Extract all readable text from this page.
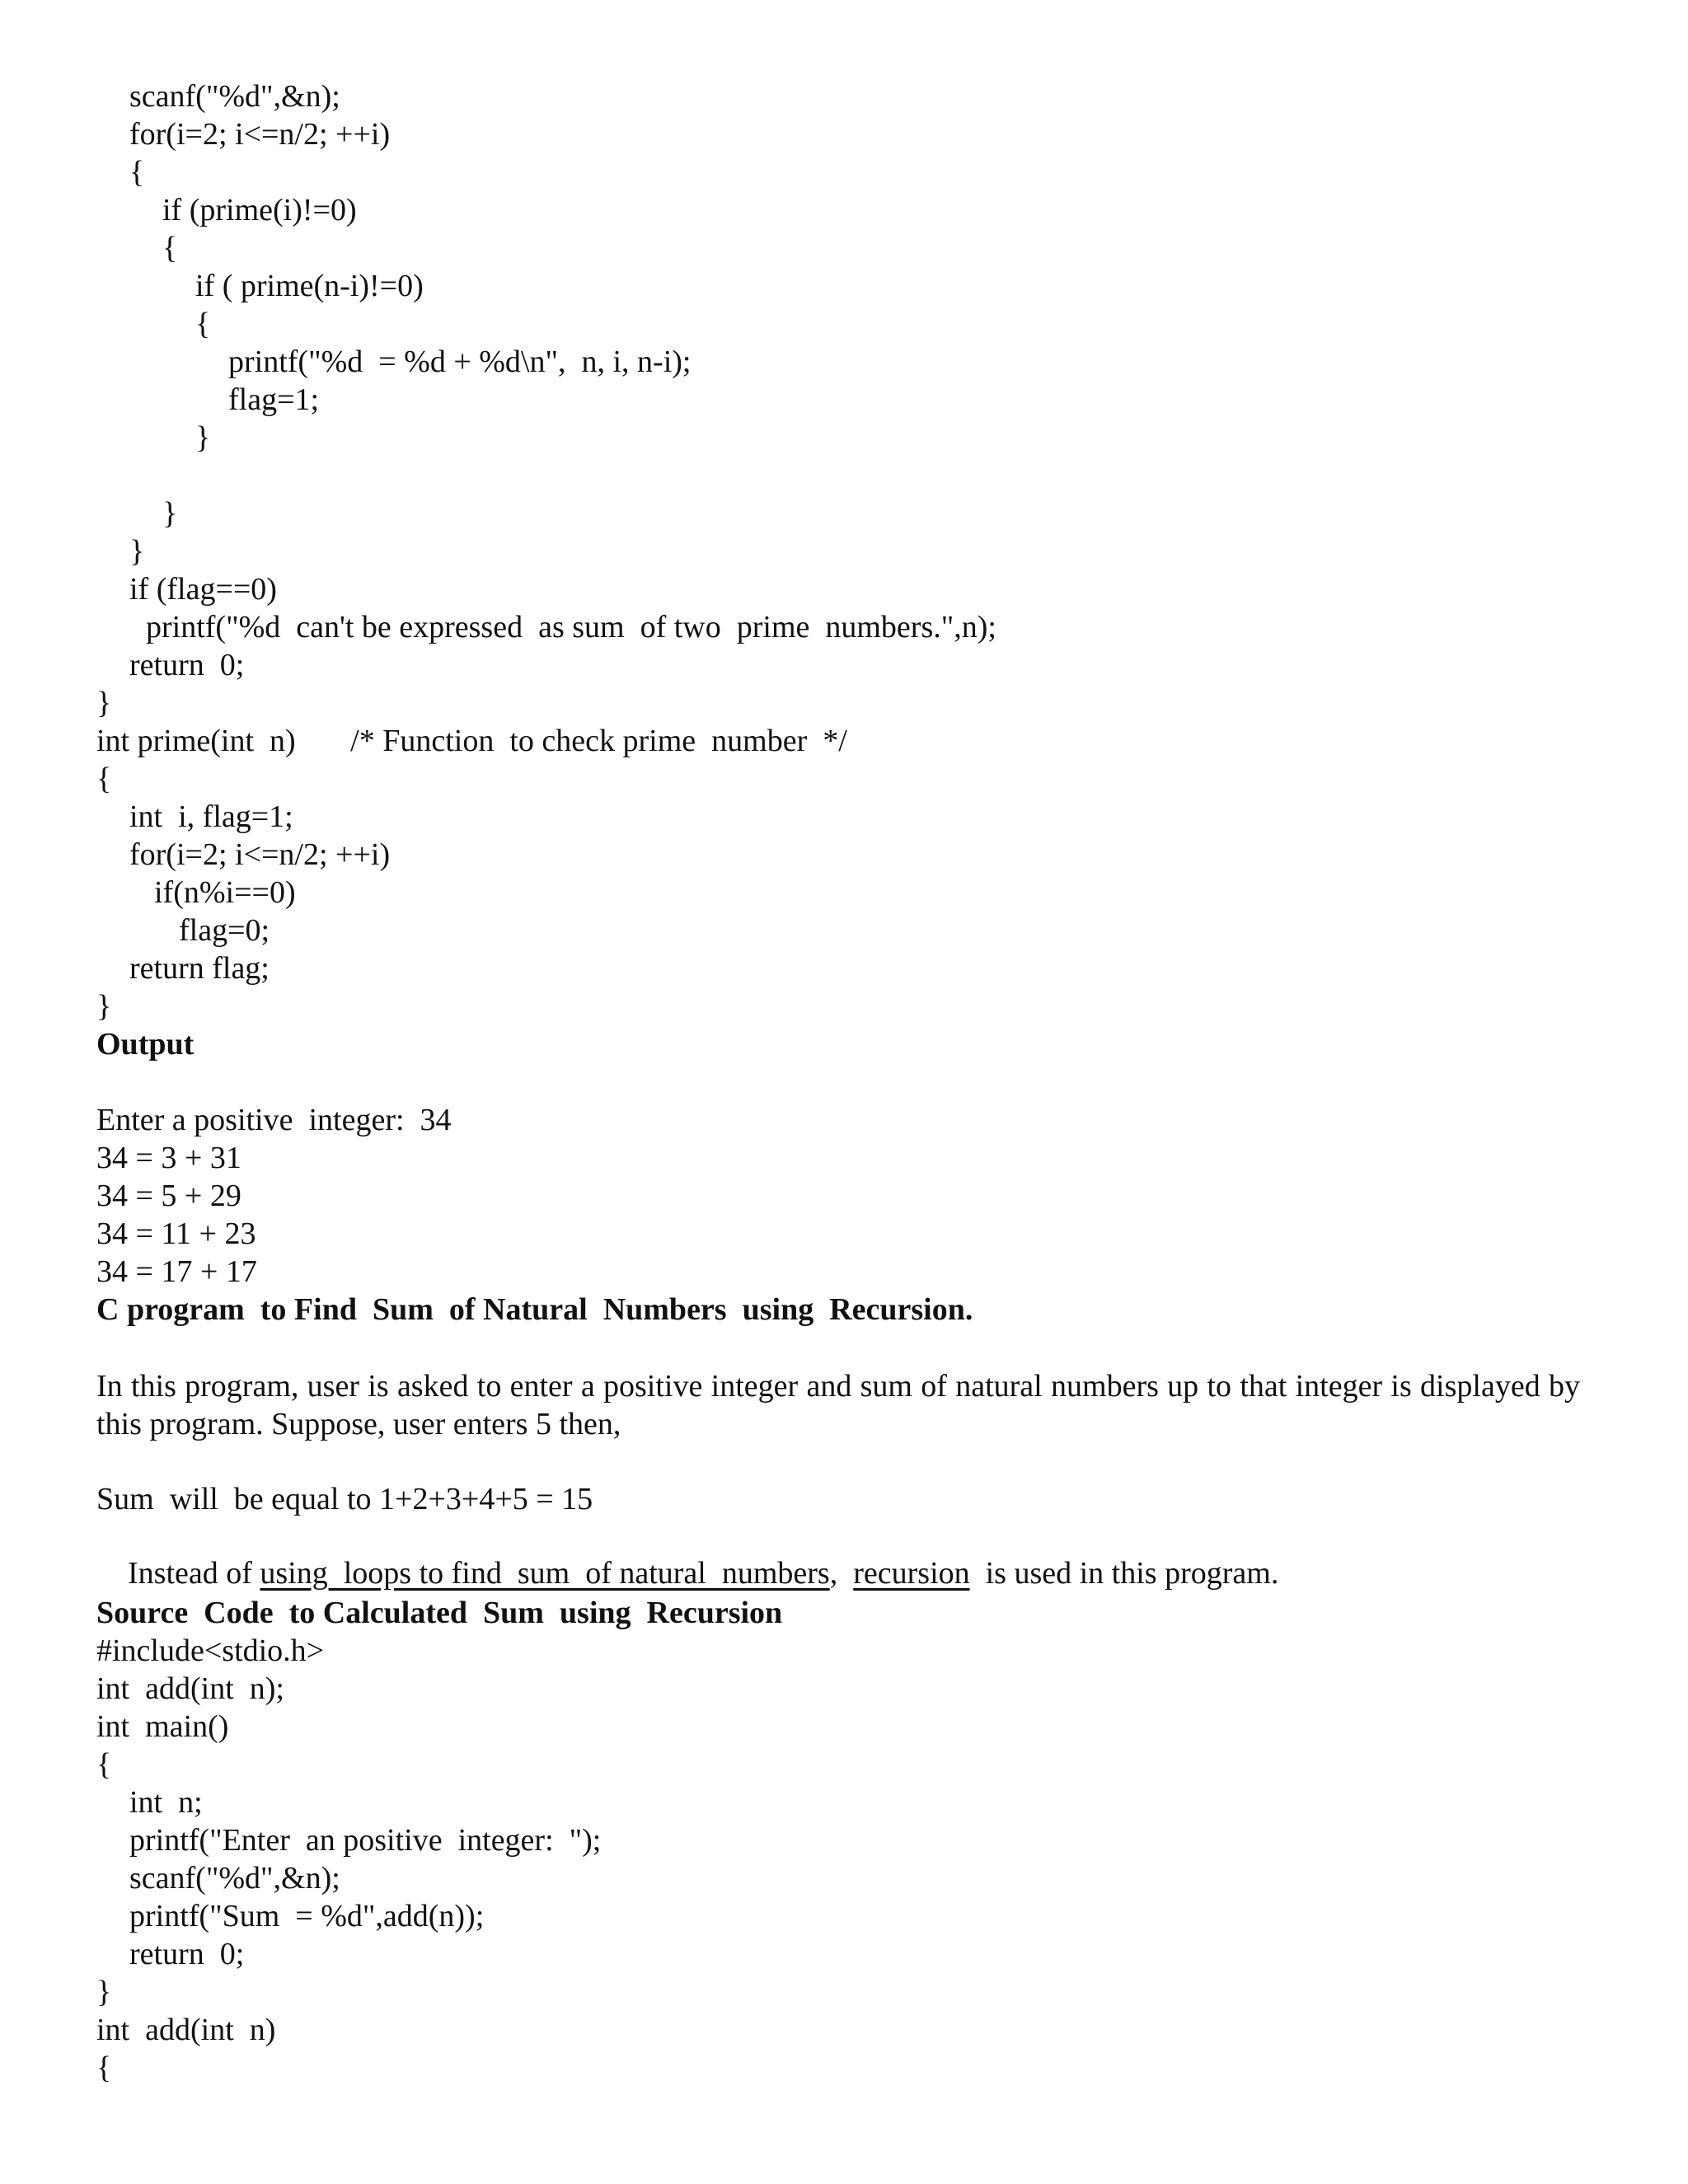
scanf("%d",&n);
for(i=2; i<=n/2; ++i)
{
if (prime(i)!=0)
{
if ( prime(n-i)!=0)
{
printf("%d  = %d + %d\n",  n, i, n-i);
flag=1;
}
}
}
if (flag==0)
printf("%d  can't be expressed  as sum  of two  prime  numbers.",n);
return  0;
}
int prime(int  n)       /* Function  to check prime  number  */
{
int  i, flag=1;
for(i=2; i<=n/2; ++i)
if(n%i==0)
flag=0;
return flag;
}
Output
Enter a positive  integer:  34
34 = 3 + 31
34 = 5 + 29
34 = 11 + 23
34 = 17 + 17
C program  to Find  Sum  of Natural  Numbers  using  Recursion.
In this program, user is asked to enter a positive integer and sum of natural numbers up to that integer is displayed by this program. Suppose, user enters 5 then,
Sum  will  be equal to 1+2+3+4+5 = 15

Instead of using  loops to find  sum  of natural  numbers,  recursion  is used in this program.

Source  Code  to Calculated  Sum  using  Recursion
#include<stdio.h>
int  add(int  n);
int  main()
{
int  n;
printf("Enter  an positive  integer:  ");
scanf("%d",&n);
printf("Sum  = %d",add(n));
return  0;
}
int  add(int  n)
{
